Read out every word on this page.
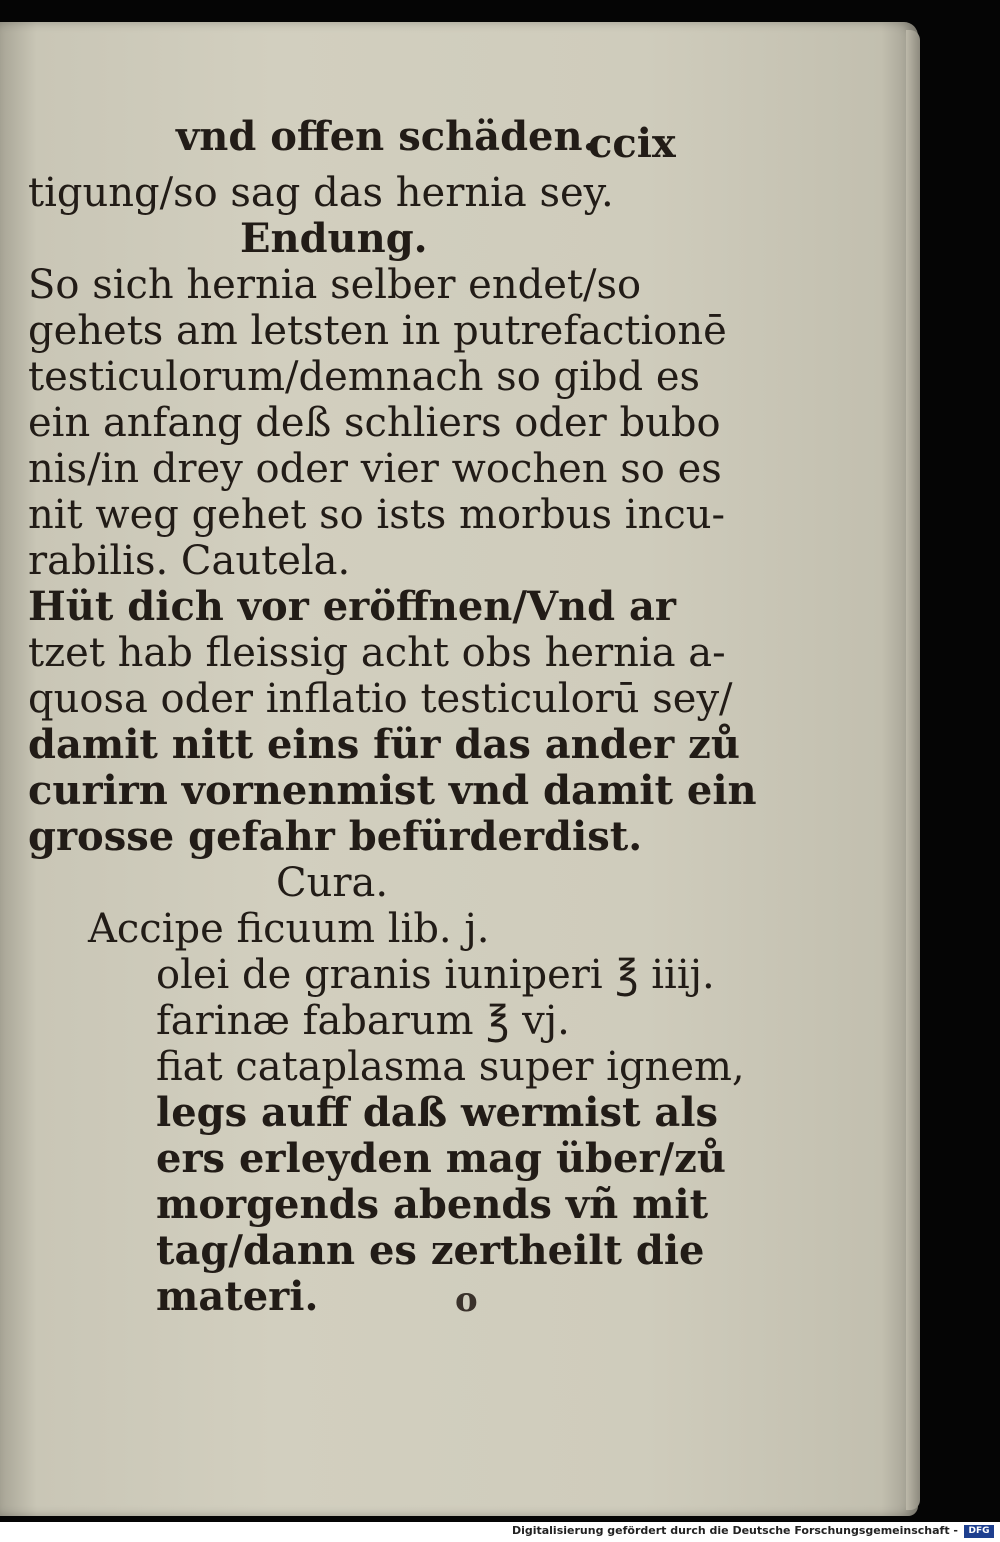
vnd offen schäden.
ccix
tigung/so sag das hernia sey.
Endung.
So sich hernia selber endet/so
gehets am letsten in putrefactionē
testiculorum/demnach so gibd es
ein anfang deß schliers oder bubo
nis/in drey oder vier wochen so es
nit weg gehet so ists morbus incu-
rabilis. Cautela.
Hüt dich vor eröffnen/Vnd ar
tzet hab fleissig acht obs hernia a-
quosa oder inflatio testiculorū sey/
damit nitt eins für das ander zů
curirn vornenmist vnd damit ein
grosse gefahr befürderdist.
Cura.
Accipe ficuum lib. j.
olei de granis iuniperi ℥ iiij.
farinæ fabarum ℥ vj.
fiat cataplasma super ignem,
legs auff daß wermist als
ers erleyden mag über/zů
morgends abends vñ mit
tag/dann es zertheilt die
materi.	o
Digitalisierung gefördert durch die Deutsche Forschungsgemeinschaft -	DFG
